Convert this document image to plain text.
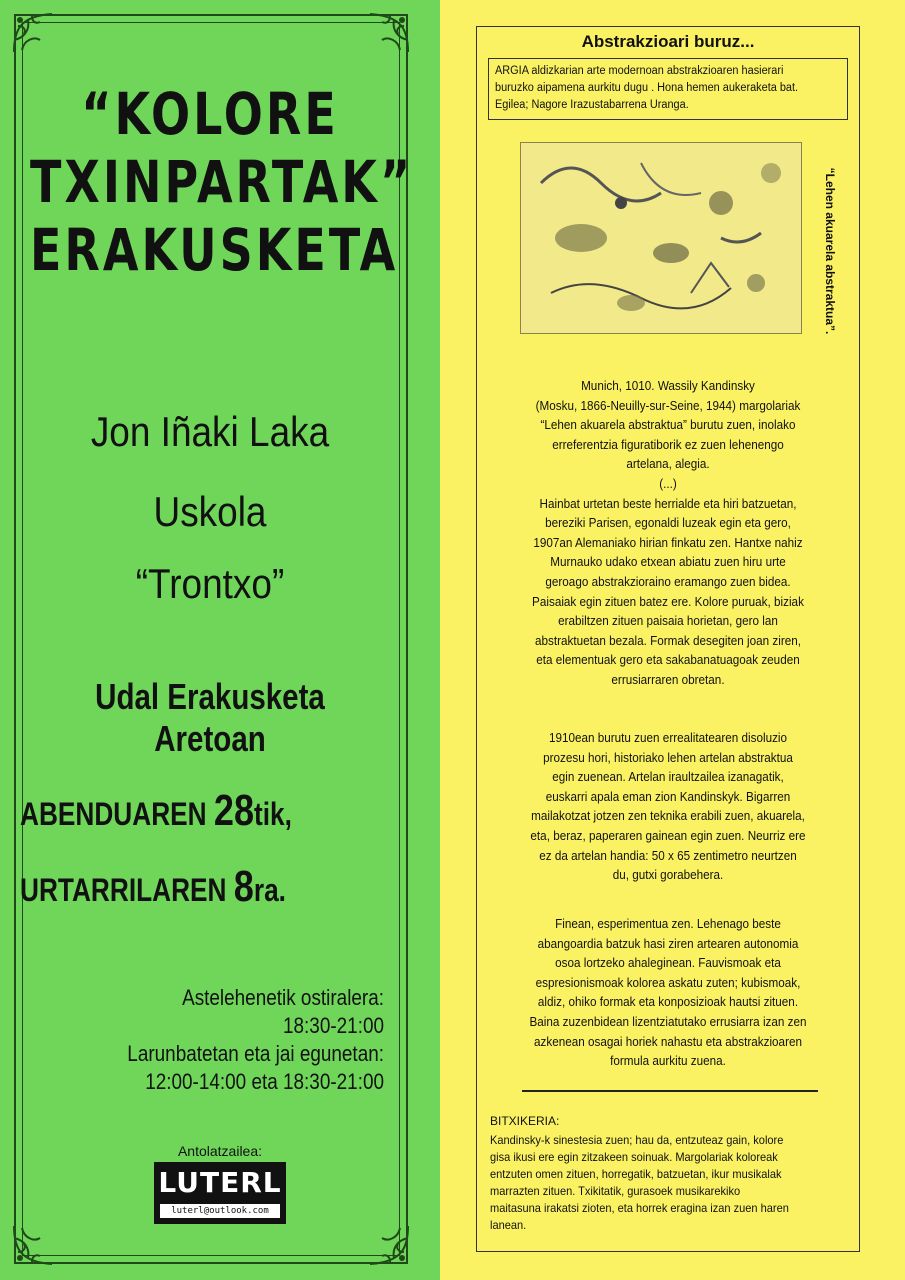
“KOLORE
TXINPARTAK”
ERAKUSKETA
Jon Iñaki Laka
Uskola
“Trontxo”
Udal Erakusketa Aretoan
ABENDUAREN 28tik,
URTARRILAREN 8ra.
Astelehenetik ostiralera:
18:30-21:00
Larunbatetan eta jai egunetan:
12:00-14:00 eta 18:30-21:00
Antolatzailea:
LUTERL
luterl@outlook.com
Abstrakzioari buruz...
ARGIA aldizkarian arte modernoan abstrakzioaren hasierari
buruzko aipamena aurkitu dugu . Hona hemen aukeraketa bat.
Egilea; Nagore Irazustabarrena Uranga.
“Lehen akuarela abstraktua”.
Munich, 1010. Wassily Kandinsky
(Mosku, 1866-Neuilly-sur-Seine, 1944) margolariak
“Lehen akuarela abstraktua” burutu zuen, inolako
erreferentzia figuratiborik ez zuen lehenengo
artelana, alegia.
(...)
Hainbat urtetan beste herrialde eta hiri batzuetan,
bereziki Parisen, egonaldi luzeak egin eta gero,
1907an Alemaniako hirian finkatu zen. Hantxe nahiz
Murnauko udako etxean abiatu zuen hiru urte
geroago abstrakzioraino eramango zuen bidea.
Paisaiak egin zituen batez ere. Kolore puruak, biziak
erabiltzen zituen paisaia horietan, gero lan
abstraktuetan bezala. Formak desegiten joan ziren,
eta elementuak gero eta sakabanatuagoak zeuden
errusiarraren obretan.
1910ean burutu zuen errealitatearen disoluzio
prozesu hori, historiako lehen artelan abstraktua
egin zuenean. Artelan iraultzailea izanagatik,
euskarri apala eman zion Kandinskyk. Bigarren
mailakotzat jotzen zen teknika erabili zuen, akuarela,
eta, beraz, paperaren gainean egin zuen. Neurriz ere
ez da artelan handia: 50 x 65 zentimetro neurtzen
du, gutxi gorabehera.
Finean, esperimentua zen. Lehenago beste
abangoardia batzuk hasi ziren artearen autonomia
osoa lortzeko ahaleginean. Fauvismoak eta
espresionismoak kolorea askatu zuten; kubismoak,
aldiz, ohiko formak eta konposizioak hautsi zituen.
Baina zuzenbidean lizentziatutako errusiarra izan zen
azkenean osagai horiek nahastu eta abstrakzioaren
formula aurkitu zuena.
BITXIKERIA:
Kandinsky-k sinestesia zuen; hau da, entzuteaz gain, kolore
gisa ikusi ere egin zitzakeen soinuak. Margolariak koloreak
entzuten omen zituen, horregatik, batzuetan, ikur musikalak
marrazten zituen. Txikitatik, gurasoek musikarekiko
maitasuna irakatsi zioten, eta horrek eragina izan zuen haren
lanean.
